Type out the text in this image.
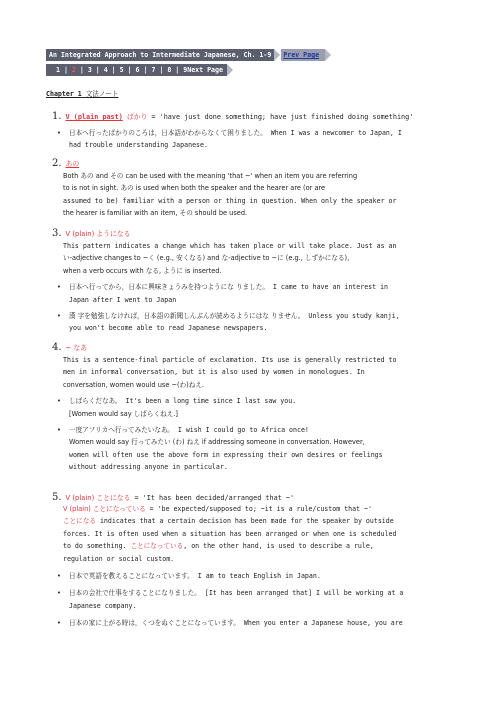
An Integrated Approach to Intermediate Japanese, Ch. 1-9	Prev Page
1 | 2 | 3 | 4 | 5 | 6 | 7 | 8 | 9 Next Page
Chapter 1 文法ノート
1. V (plain past) ばかり = 'have just done something; have just finished doing something'
• 日本へ行ったばかりのころは，日本語がわからなくて困りました。 When I was a newcomer to Japan, I
had trouble understanding Japanese.
2. あの
Both あの and その can be used with the meaning 'that ~' when an item you are referring
to is not in sight. あの is used when both the speaker and the hearer are (or are
assumed to be) familiar with a person or thing in question. When only the speaker or
the hearer is familiar with an item, その should be used.
3. V (plain) ようになる
This pattern indicates a change which has taken place or will take place. Just as an
い-adjective changes to ~く (e.g., 安くなる) and な-adjective to ~に (e.g., しずかになる),
when a verb occurs with なる, ように is inserted.
• 日本へ行ってから，日本に興味きょうみを持つようにな りました。 I came to have an interest in
Japan after I went to Japan
• 漢 字を勉強しなければ，日本語の新聞しんぶんが読めるようにはな りません。 Unless you study kanji,
you won't become able to read Japanese newspapers.
4. ~ なあ
This is a sentence-final particle of exclamation. Its use is generally restricted to
men in informal conversation, but it is also used by women in monologues. In
conversation, women would use ~(わ)ねえ.
• しばらくだなあ。 It's been a long time since I last saw you.
[Women would say しばらくねえ.]
• 一度アフリカへ行ってみたいなあ。 I wish I could go to Africa once!
Women would say 行ってみたい (わ) ねえ if addressing someone in conversation. However,
women will often use the above form in expressing their own desires or feelings
without addressing anyone in particular.
5. V (plain) ことになる = 'It has been decided/arranged that ~'
V (plain) ことになっている = 'be expected/supposed to; ~it is a rule/custom that ~'
ことになる indicates that a certain decision has been made for the speaker by outside
forces. It is often used when a situation has been arranged or when one is scheduled
to do something. ことになっている, on the other hand, is used to describe a rule,
regulation or social custom.
• 日本で英語を教えることになっています。 I am to teach English in Japan.
• 日本の会社で仕事をすることになりました。 [It has been arranged that] I will be working at a
Japanese company.
• 日本の家に上がる時は，くつをぬぐことになっています。 When you enter a Japanese house, you are
